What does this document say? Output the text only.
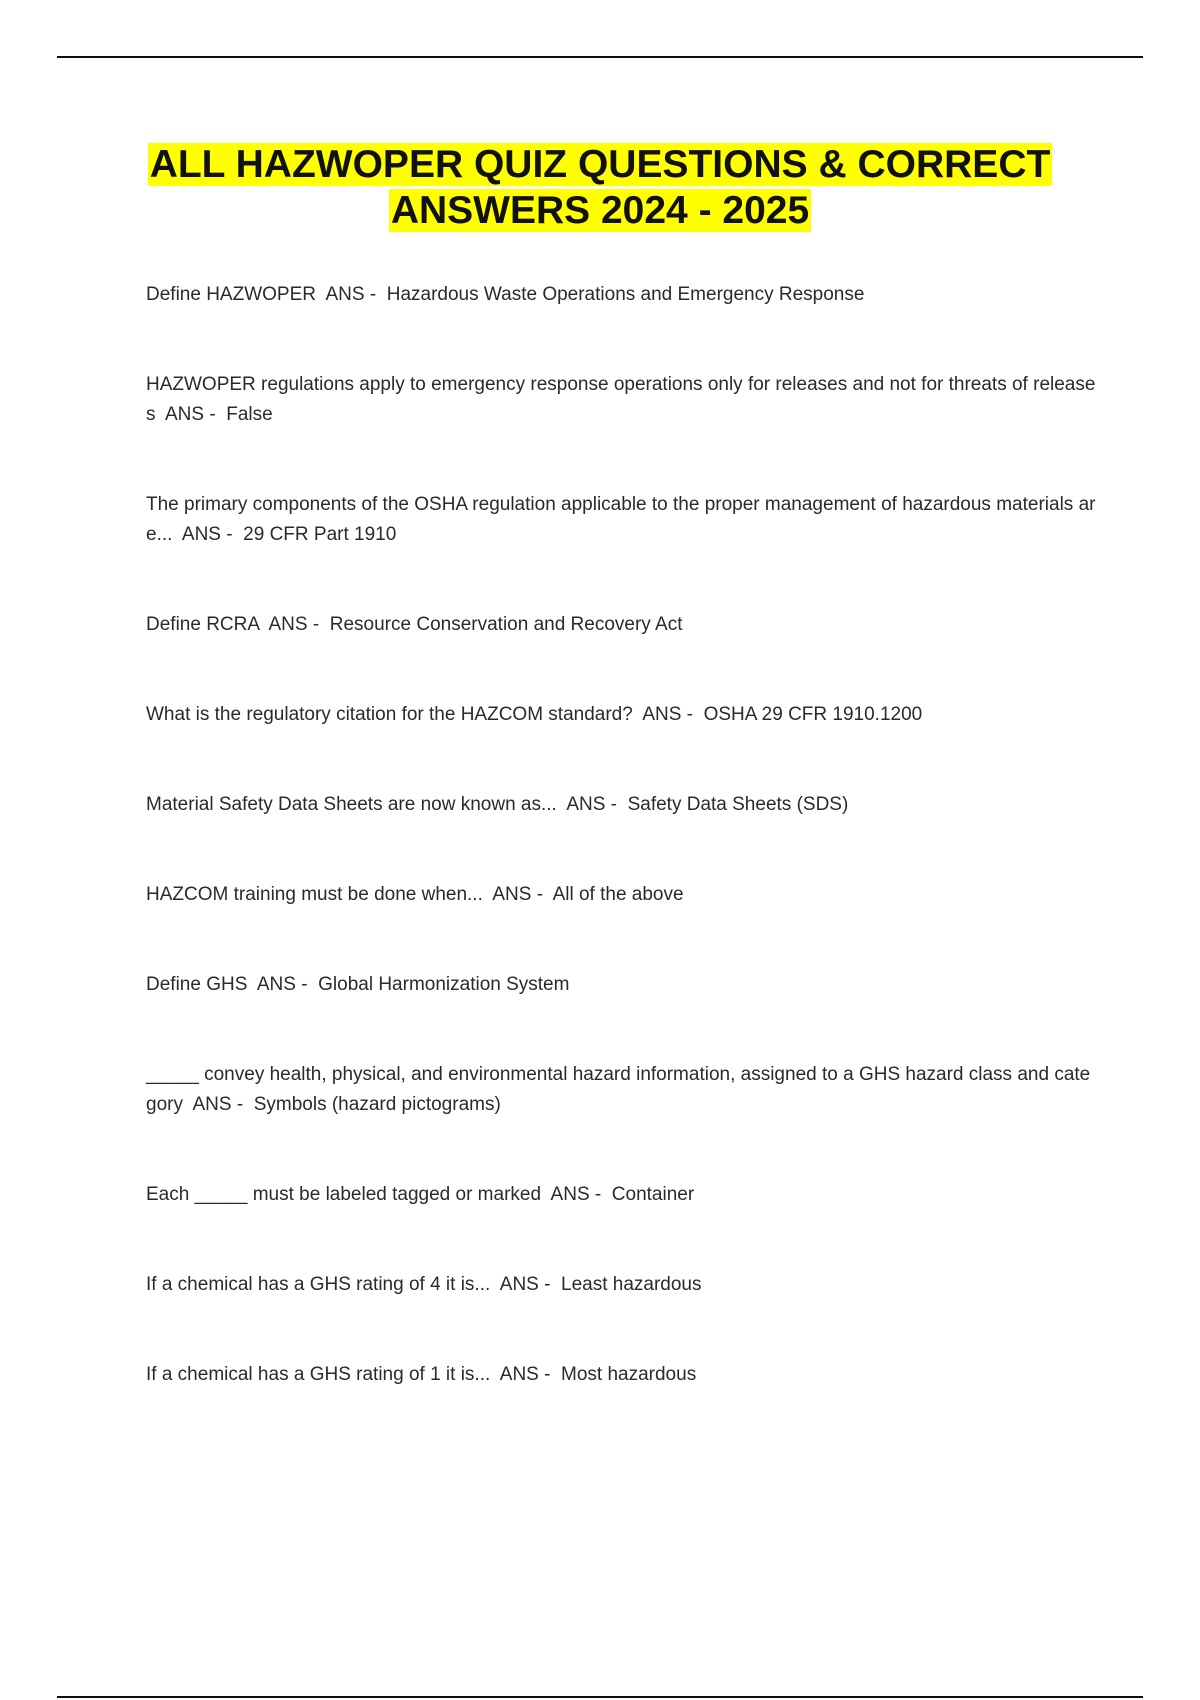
ALL HAZWOPER QUIZ QUESTIONS & CORRECT
ANSWERS 2024 - 2025
Define HAZWOPER  ANS -  Hazardous Waste Operations and Emergency Response
HAZWOPER regulations apply to emergency response operations only for releases and not for threats of releases  ANS -  False
The primary components of the OSHA regulation applicable to the proper management of hazardous materials are...  ANS -  29 CFR Part 1910
Define RCRA  ANS -  Resource Conservation and Recovery Act
What is the regulatory citation for the HAZCOM standard?  ANS -  OSHA 29 CFR 1910.1200
Material Safety Data Sheets are now known as...  ANS -  Safety Data Sheets (SDS)
HAZCOM training must be done when...  ANS -  All of the above
Define GHS  ANS -  Global Harmonization System
_____ convey health, physical, and environmental hazard information, assigned to a GHS hazard class and category  ANS -  Symbols (hazard pictograms)
Each _____ must be labeled tagged or marked  ANS -  Container
If a chemical has a GHS rating of 4 it is...  ANS -  Least hazardous
If a chemical has a GHS rating of 1 it is...  ANS -  Most hazardous
